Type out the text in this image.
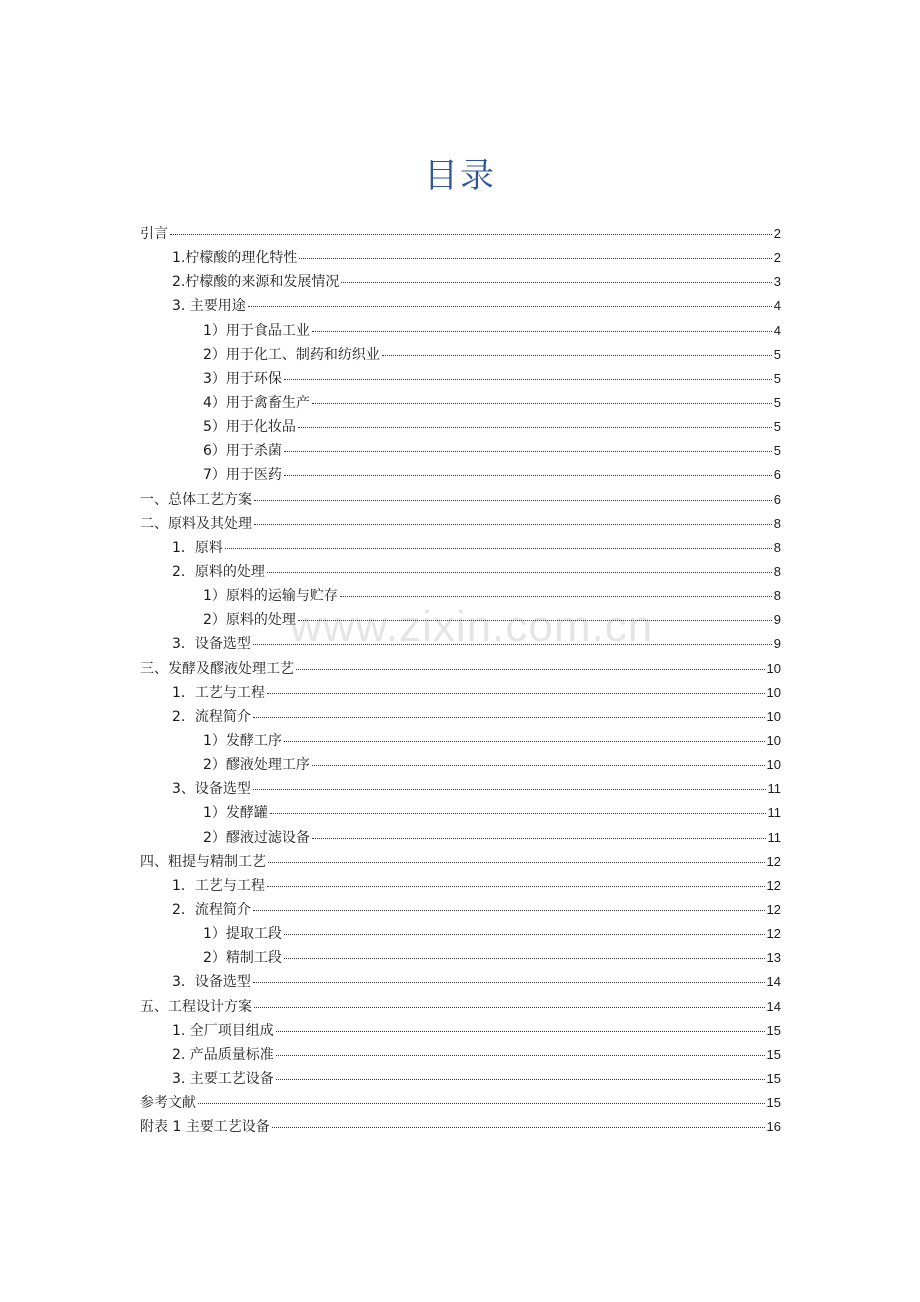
目录
www.zixin.com.cn
引言	2
1.柠檬酸的理化特性	2
2.柠檬酸的来源和发展情况	3
3. 主要用途	4
1）用于食品工业	4
2）用于化工、制药和纺织业	5
3）用于环保	5
4）用于禽畜生产	5
5）用于化妆品	5
6）用于杀菌	5
7）用于医药	6
一、总体工艺方案	6
二、原料及其处理	8
1．原料	8
2．原料的处理	8
1）原料的运输与贮存	8
2）原料的处理	9
3．设备选型	9
三、发酵及醪液处理工艺	10
1．工艺与工程	10
2．流程简介	10
1）发酵工序	10
2）醪液处理工序	10
3、设备选型	11
1）发酵罐	11
2）醪液过滤设备	11
四、粗提与精制工艺	12
1．工艺与工程	12
2．流程简介	12
1）提取工段	12
2）精制工段	13
3．设备选型	14
五、工程设计方案	14
1. 全厂项目组成	15
2. 产品质量标准	15
3. 主要工艺设备	15
参考文献	15
附表 1 主要工艺设备	16
